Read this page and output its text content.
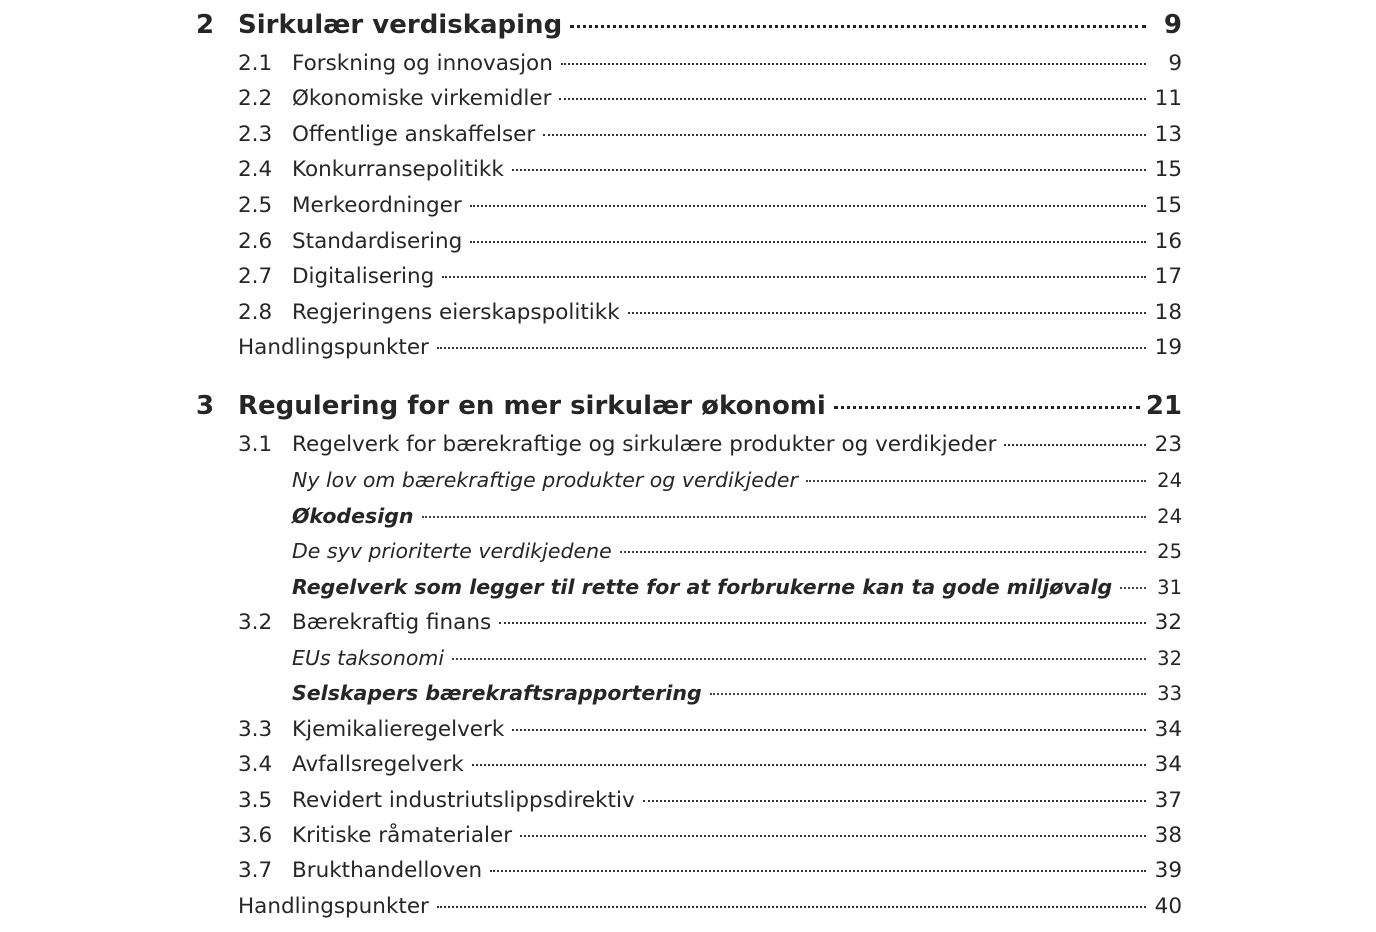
2 Sirkulær verdiskaping	9
2.1 Forskning og innovasjon	9
2.2 Økonomiske virkemidler	11
2.3 Offentlige anskaffelser	13
2.4 Konkurransepolitikk	15
2.5 Merkeordninger	15
2.6 Standardisering	16
2.7 Digitalisering	17
2.8 Regjeringens eierskapspolitikk	18
Handlingspunkter	19
3 Regulering for en mer sirkulær økonomi	21
3.1 Regelverk for bærekraftige og sirkulære produkter og verdikjeder	23
Ny lov om bærekraftige produkter og verdikjeder	24
Økodesign	24
De syv prioriterte verdikjedene	25
Regelverk som legger til rette for at forbrukerne kan ta gode miljøvalg 31
3.2 Bærekraftig finans	32
EUs taksonomi	32
Selskapers bærekraftsrapportering	33
3.3 Kjemikalieregelverk	34
3.4 Avfallsregelverk	34
3.5 Revidert industriutslippsdirektiv	37
3.6 Kritiske råmaterialer	38
3.7 Brukthandelloven	39
Handlingspunkter	40
